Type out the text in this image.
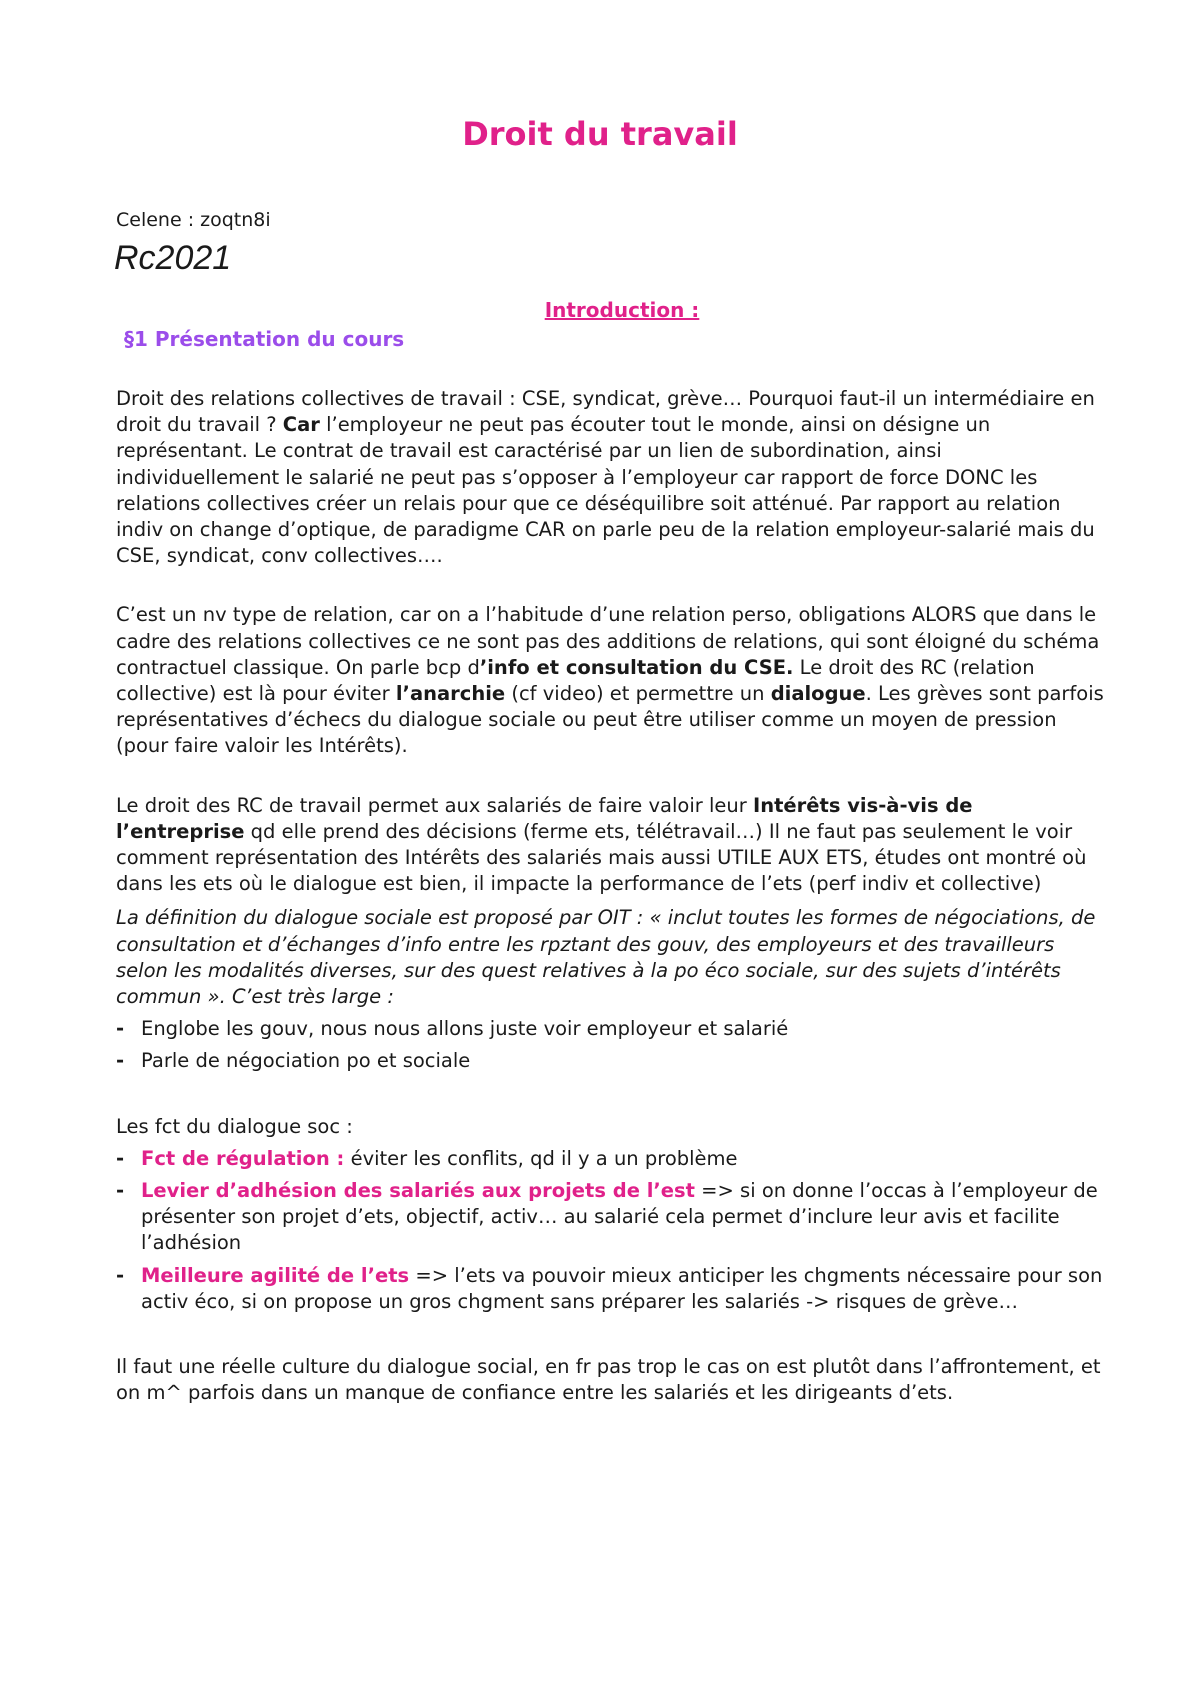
Droit du travail

Celene : zoqtn8i

Rc2021

Introduction :
§1 Présentation du cours

Droit des relations collectives de travail : CSE, syndicat, grève… Pourquoi faut-il un intermédiaire en droit du travail ? Car l’employeur ne peut pas écouter tout le monde, ainsi on désigne un représentant. Le contrat de travail est caractérisé par un lien de subordination, ainsi individuellement le salarié ne peut pas s’opposer à l’employeur car rapport de force DONC les relations collectives créer un relais pour que ce déséquilibre soit atténué. Par rapport au relation indiv on change d’optique, de paradigme CAR on parle peu de la relation employeur-salarié mais du CSE, syndicat, conv collectives….

C’est un nv type de relation, car on a l’habitude d’une relation perso, obligations ALORS que dans le cadre des relations collectives ce ne sont pas des additions de relations, qui sont éloigné du schéma contractuel classique. On parle bcp d’info et consultation du CSE. Le droit des RC (relation collective) est là pour éviter l’anarchie (cf video) et permettre un dialogue. Les grèves sont parfois représentatives d’échecs du dialogue sociale ou peut être utiliser comme un moyen de pression (pour faire valoir les Intérêts).

Le droit des RC de travail permet aux salariés de faire valoir leur Intérêts vis-à-vis de l’entreprise qd elle prend des décisions (ferme ets, télétravail…) Il ne faut pas seulement le voir comment représentation des Intérêts des salariés mais aussi UTILE AUX ETS, études ont montré où dans les ets où le dialogue est bien, il impacte la performance de l’ets (perf indiv et collective)

La définition du dialogue sociale est proposé par OIT : « inclut toutes les formes de négociations, de consultation et d’échanges d’info entre les rpztant des gouv, des employeurs et des travailleurs selon les modalités diverses, sur des quest relatives à la po éco sociale, sur des sujets d’intérêts commun ». C’est très large :

- Englobe les gouv, nous nous allons juste voir employeur et salarié
- Parle de négociation po et sociale

Les fct du dialogue soc :

- Fct de régulation : éviter les conflits, qd il y a un problème
- Levier d’adhésion des salariés aux projets de l’est => si on donne l’occas à l’employeur de présenter son projet d’ets, objectif, activ… au salarié cela permet d’inclure leur avis et facilite l’adhésion
- Meilleure agilité de l’ets => l’ets va pouvoir mieux anticiper les chgments nécessaire pour son activ éco, si on propose un gros chgment sans préparer les salariés -> risques de grève…

Il faut une réelle culture du dialogue social, en fr pas trop le cas on est plutôt dans l’affrontement, et on m^ parfois dans un manque de confiance entre les salariés et les dirigeants d’ets.
